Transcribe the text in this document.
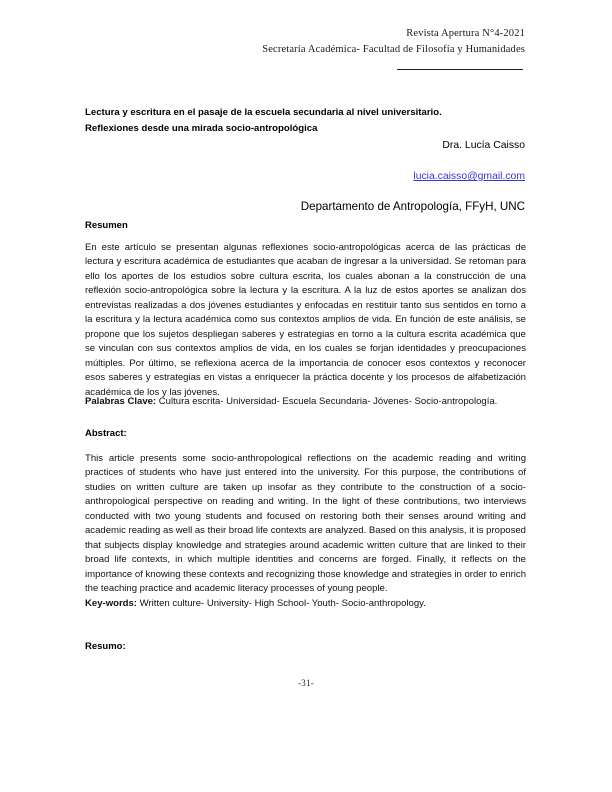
Revista Apertura N°4-2021
Secretaría Académica- Facultad de Filosofía y Humanidades
Lectura y escritura en el pasaje de la escuela secundaria al nivel universitario.
Reflexiones desde una mirada socio-antropológica
Dra. Lucía Caisso
lucia.caisso@gmail.com
Departamento de Antropología, FFyH, UNC
Resumen
En este artículo se presentan algunas reflexiones socio-antropológicas acerca de las prácticas de lectura y escritura académica de estudiantes que acaban de ingresar a la universidad. Se retoman para ello los aportes de los estudios sobre cultura escrita, los cuales abonan a la construcción de una reflexión socio-antropológica sobre la lectura y la escritura. A la luz de estos aportes se analizan dos entrevistas realizadas a dos jóvenes estudiantes y enfocadas en restituir tanto sus sentidos en torno a la escritura y la lectura académica como sus contextos amplios de vida. En función de este análisis, se propone que los sujetos despliegan saberes y estrategias en torno a la cultura escrita académica que se vinculan con sus contextos amplios de vida, en los cuales se forjan identidades y preocupaciones múltiples. Por último, se reflexiona acerca de la importancia de conocer esos contextos y reconocer esos saberes y estrategias en vistas a enriquecer la práctica docente y los procesos de alfabetización académica de los y las jóvenes.
Palabras Clave: Cultura escrita- Universidad- Escuela Secundaria- Jóvenes- Socio-antropología.
Abstract:
This article presents some socio-anthropological reflections on the academic reading and writing practices of students who have just entered into the university. For this purpose, the contributions of studies on written culture are taken up insofar as they contribute to the construction of a socio-anthropological perspective on reading and writing. In the light of these contributions, two interviews conducted with two young students and focused on restoring both their senses around writing and academic reading as well as their broad life contexts are analyzed. Based on this analysis, it is proposed that subjects display knowledge and strategies around academic written culture that are linked to their broad life contexts, in which multiple identities and concerns are forged. Finally, it reflects on the importance of knowing these contexts and recognizing those knowledge and strategies in order to enrich the teaching practice and academic literacy processes of young people.
Key-words: Written culture- University- High School- Youth- Socio-anthropology.
Resumo:
-31-
